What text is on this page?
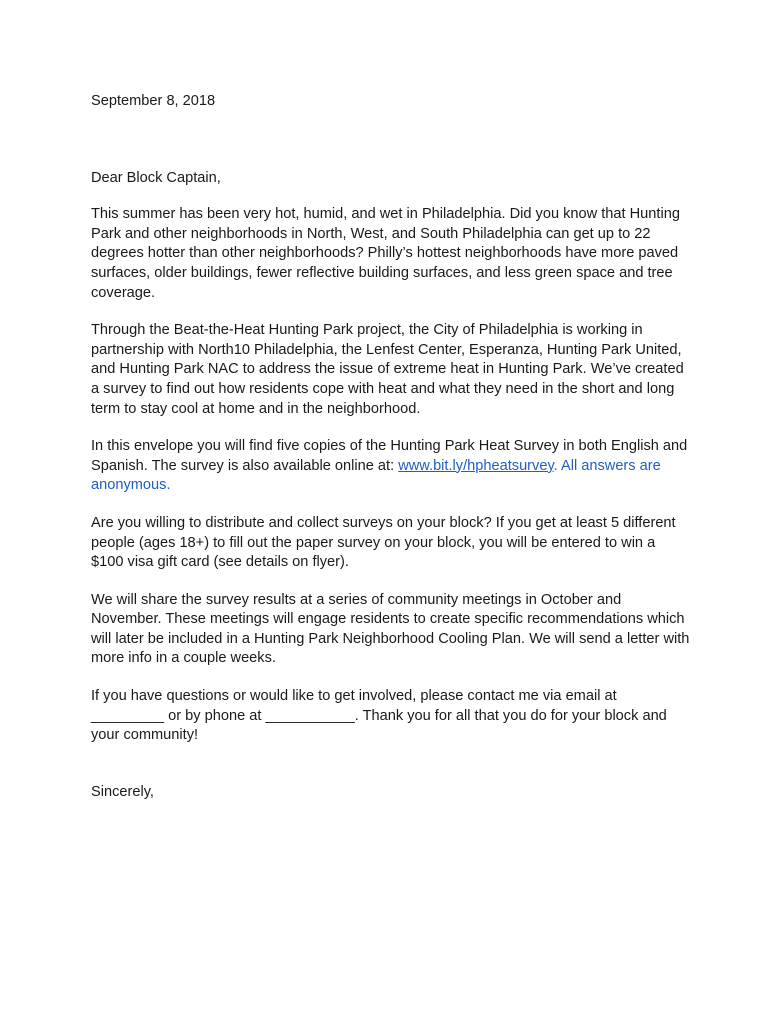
September 8, 2018

Dear Block Captain,

This summer has been very hot, humid, and wet in Philadelphia. Did you know that Hunting Park and other neighborhoods in North, West, and South Philadelphia can get up to 22 degrees hotter than other neighborhoods? Philly’s hottest neighborhoods have more paved surfaces, older buildings, fewer reflective building surfaces, and less green space and tree coverage.

Through the Beat-the-Heat Hunting Park project, the City of Philadelphia is working in partnership with North10 Philadelphia, the Lenfest Center, Esperanza, Hunting Park United, and Hunting Park NAC to address the issue of extreme heat in Hunting Park. We’ve created a survey to find out how residents cope with heat and what they need in the short and long term to stay cool at home and in the neighborhood.

In this envelope you will find five copies of the Hunting Park Heat Survey in both English and Spanish. The survey is also available online at: www.bit.ly/hpheatsurvey. All answers are anonymous.

Are you willing to distribute and collect surveys on your block? If you get at least 5 different people (ages 18+) to fill out the paper survey on your block, you will be entered to win a $100 visa gift card (see details on flyer).

We will share the survey results at a series of community meetings in October and November. These meetings will engage residents to create specific recommendations which will later be included in a Hunting Park Neighborhood Cooling Plan. We will send a letter with more info in a couple weeks.

If you have questions or would like to get involved, please contact me via email at _________ or by phone at ___________. Thank you for all that you do for your block and your community!

Sincerely,
